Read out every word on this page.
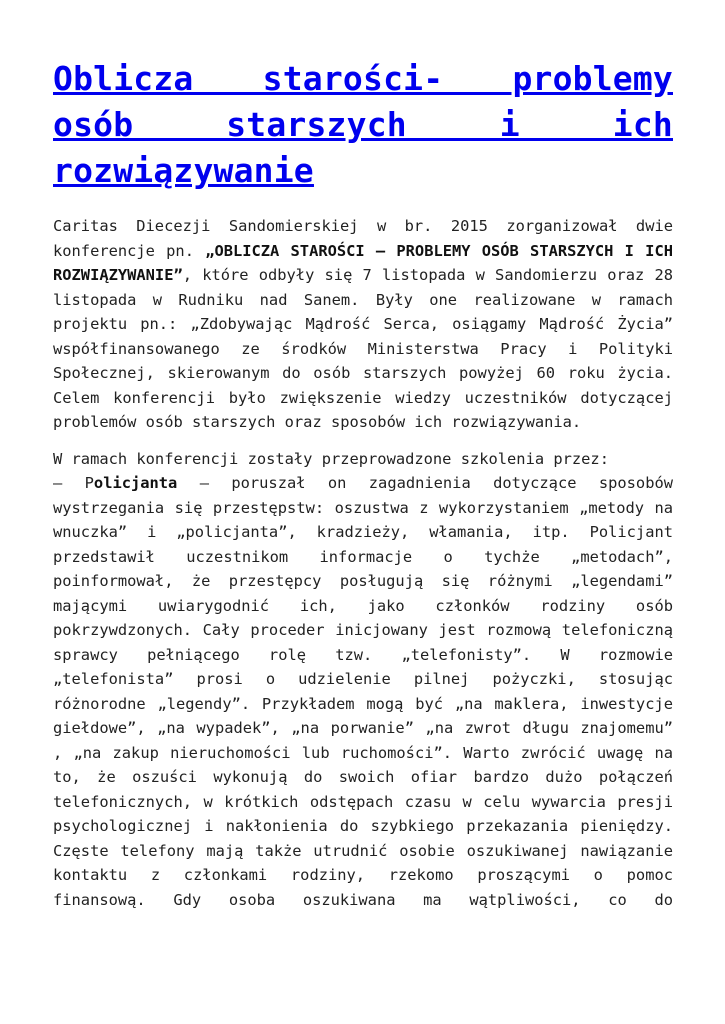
Oblicza starości- problemy osób starszych i ich rozwiązywanie

Caritas Diecezji Sandomierskiej w br. 2015 zorganizował dwie konferencje pn. „OBLICZA STAROŚCI – PROBLEMY OSÓB STARSZYCH I ICH ROZWIĄZYWANIE”, które odbyły się 7 listopada w Sandomierzu oraz 28 listopada w Rudniku nad Sanem. Były one realizowane w ramach projektu pn.: „Zdobywając Mądrość Serca, osiągamy Mądrość Życia” współfinansowanego ze środków Ministerstwa Pracy i Polityki Społecznej, skierowanym do osób starszych powyżej 60 roku życia. Celem konferencji było zwiększenie wiedzy uczestników dotyczącej problemów osób starszych oraz sposobów ich rozwiązywania.

W ramach konferencji zostały przeprowadzone szkolenia przez:
– Policjanta – poruszał on zagadnienia dotyczące sposobów wystrzegania się przestępstw: oszustwa z wykorzystaniem „metody na wnuczka” i „policjanta”, kradzieży, włamania, itp. Policjant przedstawił uczestnikom informacje o tychże „metodach”, poinformował, że przestępcy posługują się różnymi „legendami” mającymi uwiarygodnić ich, jako członków rodziny osób pokrzywdzonych. Cały proceder inicjowany jest rozmową telefoniczną sprawcy pełniącego rolę tzw. „telefonisty”. W rozmowie „telefonista” prosi o udzielenie pilnej pożyczki, stosując różnorodne „legendy”. Przykładem mogą być „na maklera, inwestycje giełdowe”, „na wypadek”, „na porwanie” „na zwrot długu znajomemu” , „na zakup nieruchomości lub ruchomości”. Warto zwrócić uwagę na to, że oszuści wykonują do swoich ofiar bardzo dużo połączeń telefonicznych, w krótkich odstępach czasu w celu wywarcia presji psychologicznej i nakłonienia do szybkiego przekazania pieniędzy. Częste telefony mają także utrudnić osobie oszukiwanej nawiązanie kontaktu z członkami rodziny, rzekomo proszącymi o pomoc finansową. Gdy osoba oszukiwana ma wątpliwości, co do
